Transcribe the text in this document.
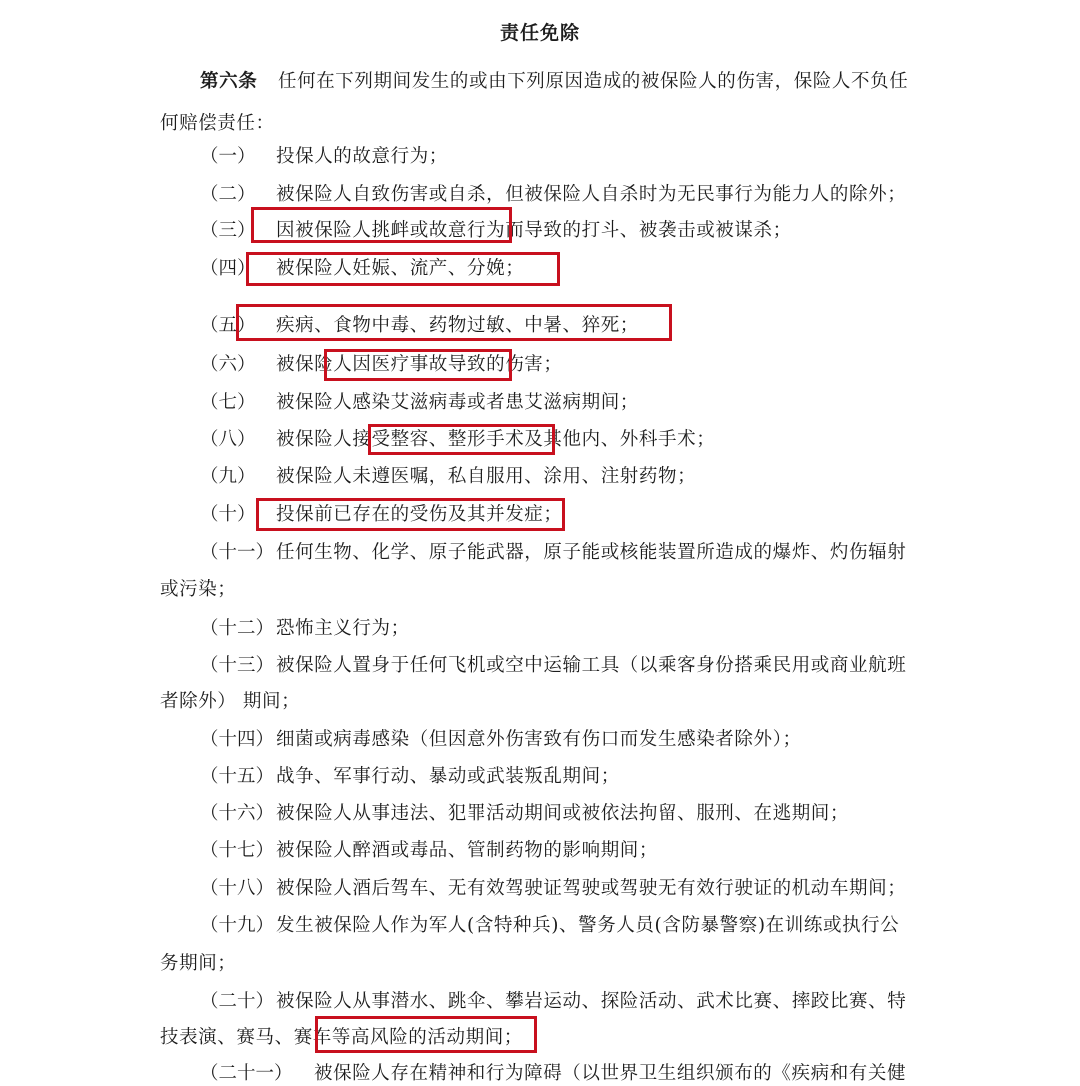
责任免除
第六条 任何在下列期间发生的或由下列原因造成的被保险人的伤害，保险人不负任
何赔偿责任：
（一） 投保人的故意行为；
（二） 被保险人自致伤害或自杀，但被保险人自杀时为无民事行为能力人的除外；
（三） 因被保险人挑衅或故意行为而导致的打斗、被袭击或被谋杀；
（四） 被保险人妊娠、流产、分娩；
（五） 疾病、食物中毒、药物过敏、中暑、猝死；
（六） 被保险人因医疗事故导致的伤害；
（七） 被保险人感染艾滋病毒或者患艾滋病期间；
（八） 被保险人接受整容、整形手术及其他内、外科手术；
（九） 被保险人未遵医嘱，私自服用、涂用、注射药物；
（十） 投保前已存在的受伤及其并发症；
（十一） 任何生物、化学、原子能武器，原子能或核能装置所造成的爆炸、灼伤辐射
或污染；
（十二） 恐怖主义行为；
（十三） 被保险人置身于任何飞机或空中运输工具（以乘客身份搭乘民用或商业航班
者除外） 期间；
（十四） 细菌或病毒感染（但因意外伤害致有伤口而发生感染者除外）；
（十五） 战争、军事行动、暴动或武装叛乱期间；
（十六） 被保险人从事违法、犯罪活动期间或被依法拘留、服刑、在逃期间；
（十七） 被保险人醉酒或毒品、管制药物的影响期间；
（十八） 被保险人酒后驾车、无有效驾驶证驾驶或驾驶无有效行驶证的机动车期间；
（十九） 发生被保险人作为军人(含特种兵)、警务人员(含防暴警察)在训练或执行公
务期间；
（二十） 被保险人从事潜水、跳伞、攀岩运动、探险活动、武术比赛、摔跤比赛、特
技表演、赛马、赛车等高风险的活动期间；
（二十一） 被保险人存在精神和行为障碍（以世界卫生组织颁布的《疾病和有关健
